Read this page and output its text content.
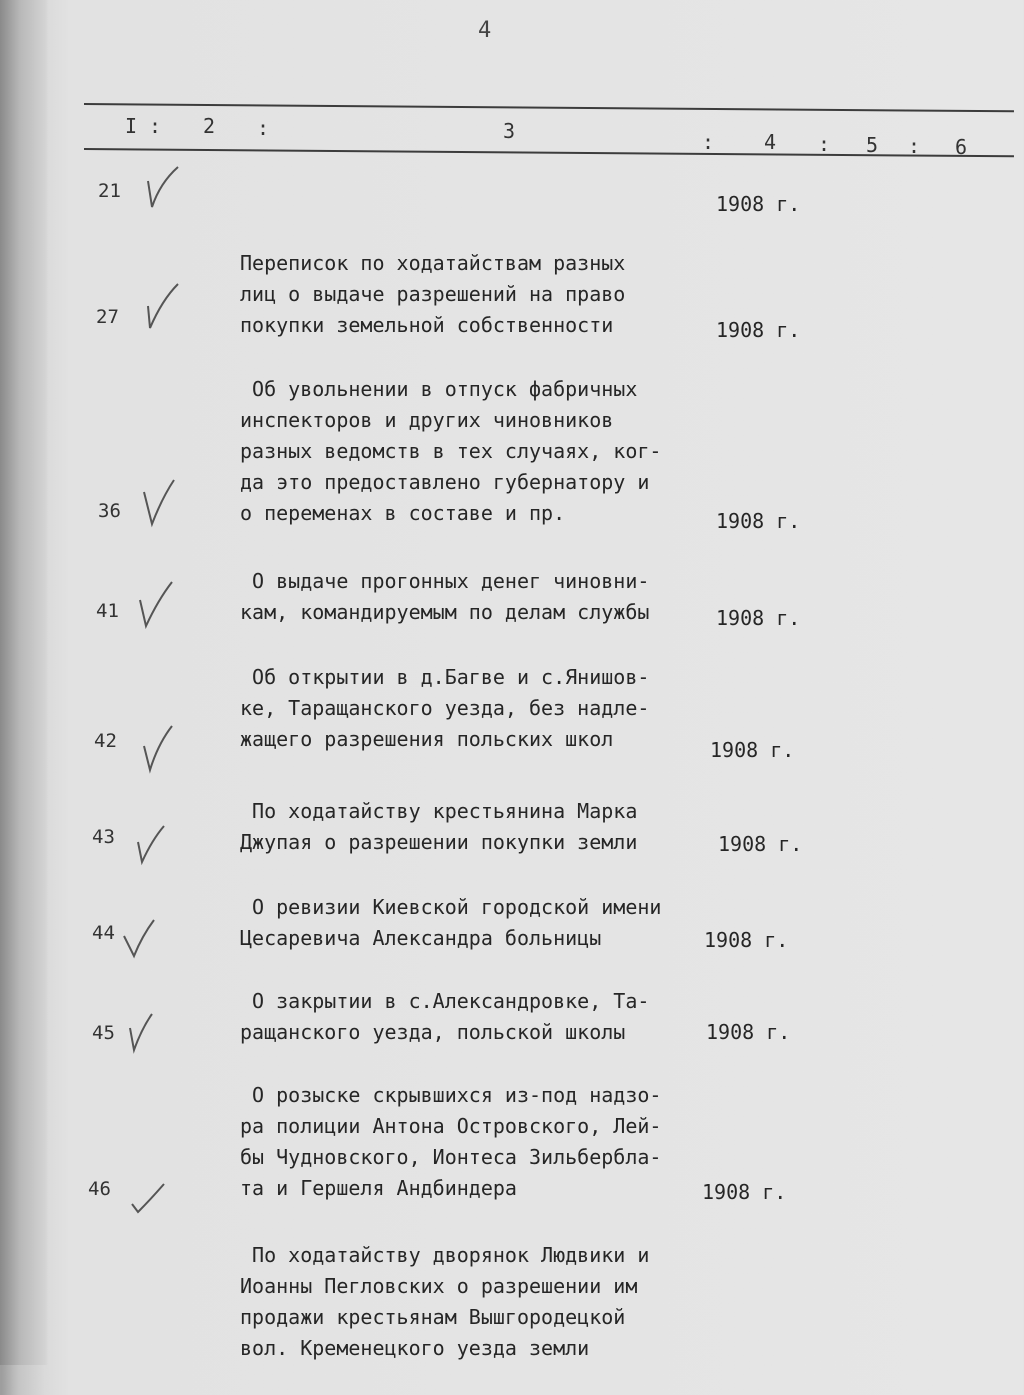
4
I : 2 :	3	: 4 : 5 : 6
21

Переписок по ходатайствам разных
лиц о выдаче разрешений на право
покупки земельной собственности

1908 г.
27

Об увольнении в отпуск фабричных
инспекторов и других чиновников
разных ведомств в тех случаях, ког-
да это предоставлено губернатору и
о переменах в составе и пр.

1908 г.
36

О выдаче прогонных денег чиновни-
кам, командируемым по делам службы

1908 г.
41

Об открытии в д.Багве и с.Янишов-
ке, Таращанского уезда, без надле-
жащего разрешения польских школ

1908 г.
42

По ходатайству крестьянина Марка
Джупая о разрешении покупки земли

1908 г.
43

О ревизии Киевской городской имени
Цесаревича Александра больницы

1908 г.
44

О закрытии в с.Александровке, Та-
ращанского уезда, польской школы

1908 г.
45

О розыске скрывшихся из-под надзо-
ра полиции Антона Островского, Лей-
бы Чудновского, Ионтеса Зильберблa-
та и Гершеля Андбиндера

1908 г.
46

По ходатайству дворянок Людвики и
Иоанны Пегловских о разрешении им
продажи крестьянам Вышгородецкой
вол. Кременецкого уезда земли

1908 г.
